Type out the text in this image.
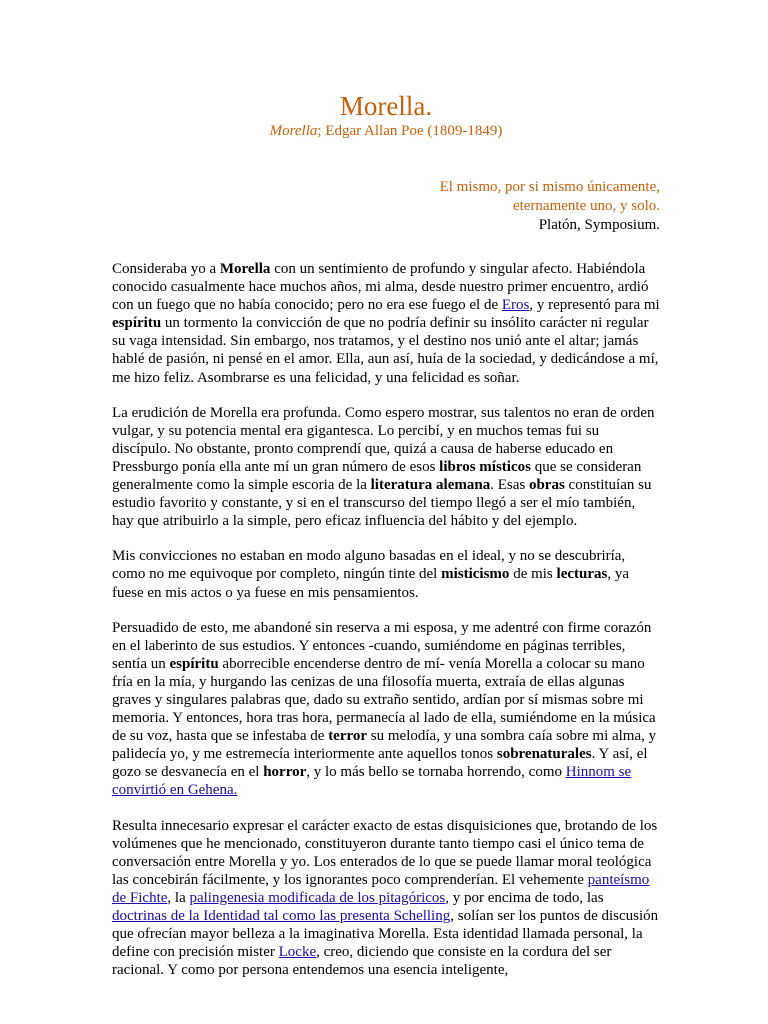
Morella.
Morella; Edgar Allan Poe (1809-1849)
El mismo, por si mismo únicamente,
eternamente uno, y solo.
Platón, Symposium.

Consideraba yo a Morella con un sentimiento de profundo y singular afecto. Habiéndola conocido casualmente hace muchos años, mi alma, desde nuestro primer encuentro, ardió con un fuego que no había conocido; pero no era ese fuego el de Eros, y representó para mi espíritu un tormento la convicción de que no podría definir su insólito carácter ni regular su vaga intensidad. Sin embargo, nos tratamos, y el destino nos unió ante el altar; jamás hablé de pasión, ni pensé en el amor. Ella, aun así, huía de la sociedad, y dedicándose a mí, me hizo feliz. Asombrarse es una felicidad, y una felicidad es soñar.

La erudición de Morella era profunda. Como espero mostrar, sus talentos no eran de orden vulgar, y su potencia mental era gigantesca. Lo percibí, y en muchos temas fui su discípulo. No obstante, pronto comprendí que, quizá a causa de haberse educado en Pressburgo ponía ella ante mí un gran número de esos libros místicos que se consideran generalmente como la simple escoria de la literatura alemana. Esas obras constituían su estudio favorito y constante, y si en el transcurso del tiempo llegó a ser el mío también, hay que atribuirlo a la simple, pero eficaz influencia del hábito y del ejemplo.

Mis convicciones no estaban en modo alguno basadas en el ideal, y no se descubriría, como no me equivoque por completo, ningún tinte del misticismo de mis lecturas, ya fuese en mis actos o ya fuese en mis pensamientos.

Persuadido de esto, me abandoné sin reserva a mi esposa, y me adentré con firme corazón en el laberinto de sus estudios. Y entonces -cuando, sumiéndome en páginas terribles, sentía un espíritu aborrecible encenderse dentro de mí- venía Morella a colocar su mano fría en la mía, y hurgando las cenizas de una filosofía muerta, extraía de ellas algunas graves y singulares palabras que, dado su extraño sentido, ardían por sí mismas sobre mi memoria. Y entonces, hora tras hora, permanecía al lado de ella, sumiéndome en la música de su voz, hasta que se infestaba de terror su melodía, y una sombra caía sobre mi alma, y palidecía yo, y me estremecía interiormente ante aquellos tonos sobrenaturales. Y así, el gozo se desvanecía en el horror, y lo más bello se tornaba horrendo, como Hinnom se convirtió en Gehena.

Resulta innecesario expresar el carácter exacto de estas disquisiciones que, brotando de los volúmenes que he mencionado, constituyeron durante tanto tiempo casi el único tema de conversación entre Morella y yo. Los enterados de lo que se puede llamar moral teológica las concebirán fácilmente, y los ignorantes poco comprenderían. El vehemente panteísmo de Fichte, la palingenesia modificada de los pitagóricos, y por encima de todo, las doctrinas de la Identidad tal como las presenta Schelling, solían ser los puntos de discusión que ofrecían mayor belleza a la imaginativa Morella. Esta identidad llamada personal, la define con precisión mister Locke, creo, diciendo que consiste en la cordura del ser racional. Y como por persona entendemos una esencia inteligente,
